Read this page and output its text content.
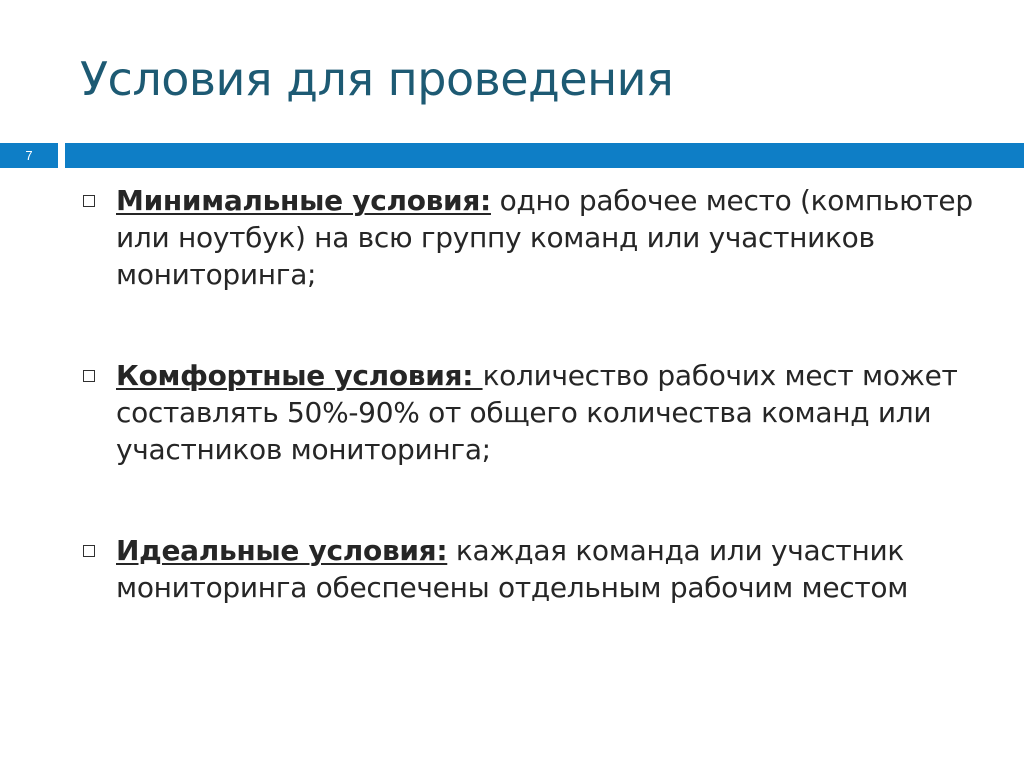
Условия для проведения
7
Минимальные условия: одно рабочее место (компьютер или ноутбук) на всю группу команд или участников мониторинга;
Комфортные условия: количество рабочих мест может составлять 50%-90% от общего количества команд или участников мониторинга;
Идеальные условия: каждая команда или участник мониторинга обеспечены отдельным рабочим местом
